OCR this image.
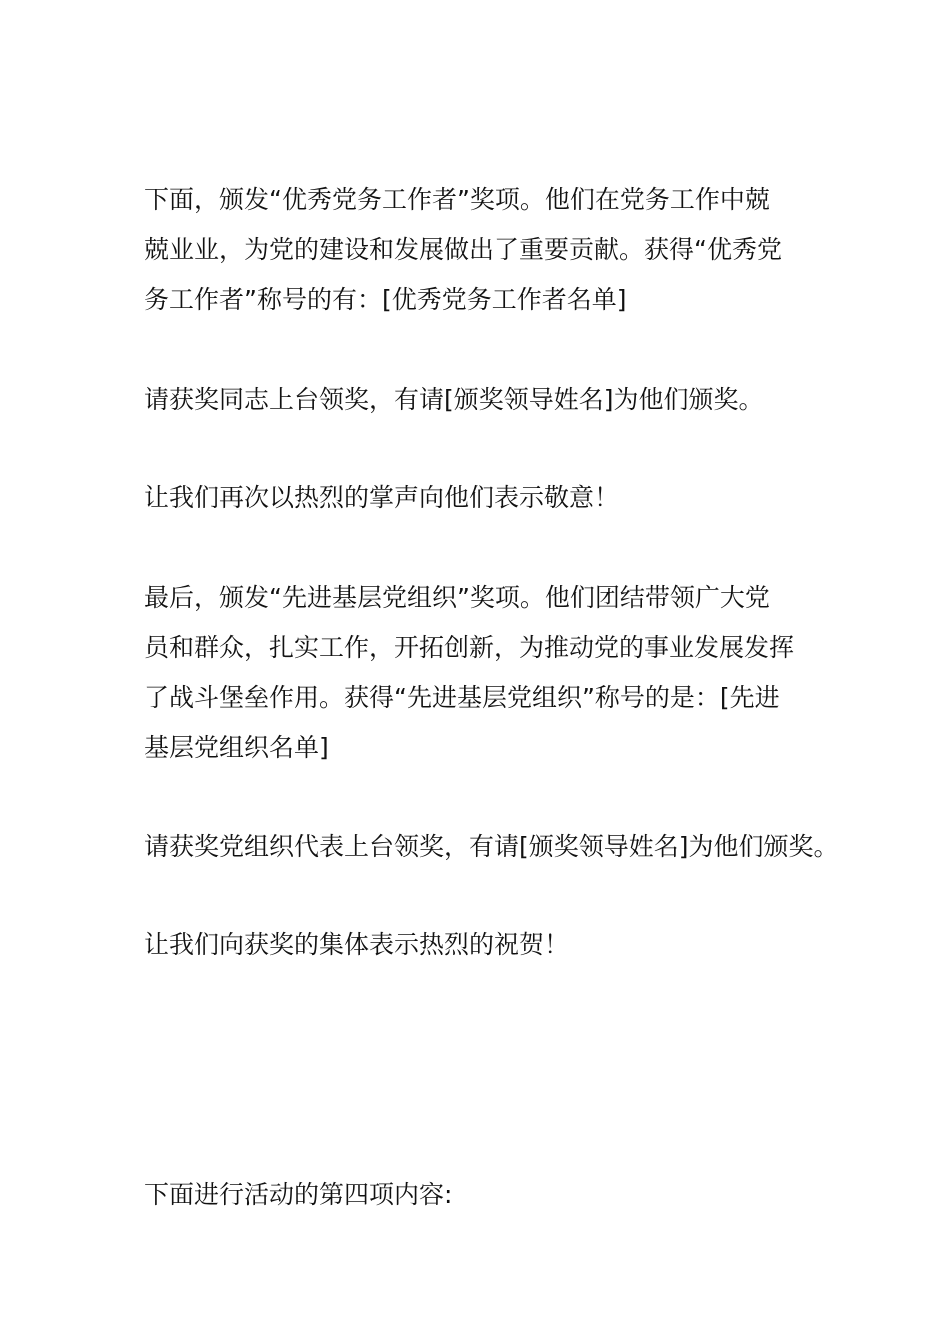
下面，颁发“优秀党务工作者”奖项。他们在党务工作中兢
兢业业，为党的建设和发展做出了重要贡献。获得“优秀党
务工作者”称号的有：[优秀党务工作者名单]

请获奖同志上台领奖，有请[颁奖领导姓名]为他们颁奖。

让我们再次以热烈的掌声向他们表示敬意！

最后，颁发“先进基层党组织”奖项。他们团结带领广大党
员和群众，扎实工作，开拓创新，为推动党的事业发展发挥
了战斗堡垒作用。获得“先进基层党组织”称号的是：[先进
基层党组织名单]

请获奖党组织代表上台领奖，有请[颁奖领导姓名]为他们颁奖。

让我们向获奖的集体表示热烈的祝贺！

下面进行活动的第四项内容:
